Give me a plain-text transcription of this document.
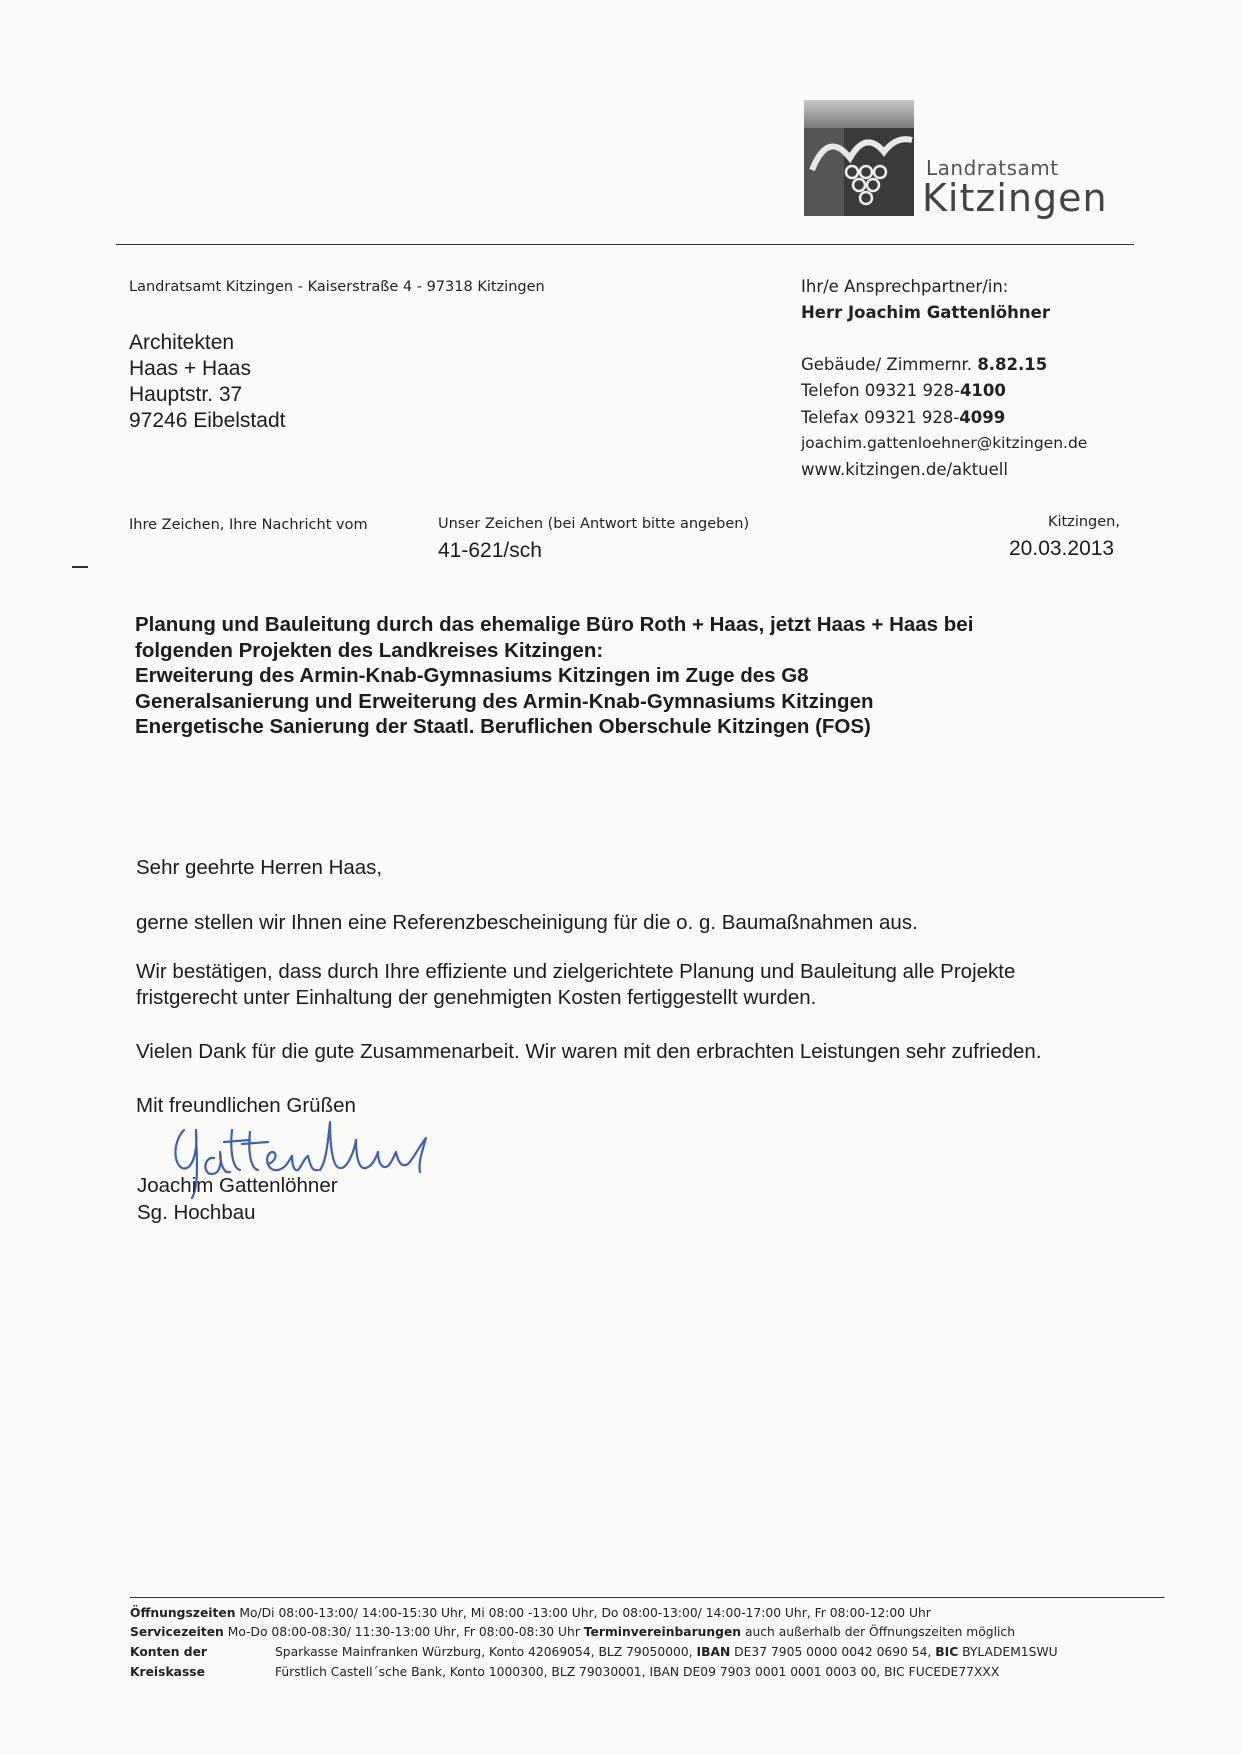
Landratsamt
Kitzingen
Landratsamt Kitzingen - Kaiserstraße 4 - 97318 Kitzingen
Architekten
Haas + Haas
Hauptstr. 37
97246 Eibelstadt
Ihr/e Ansprechpartner/in:
Herr Joachim Gattenlöhner
Gebäude/ Zimmernr. 8.82.15
Telefon 09321 928-4100
Telefax 09321 928-4099
joachim.gattenloehner@kitzingen.de
www.kitzingen.de/aktuell
Ihre Zeichen, Ihre Nachricht vom	Unser Zeichen (bei Antwort bitte angeben)
41-621/sch
Kitzingen,
20.03.2013
Planung und Bauleitung durch das ehemalige Büro Roth + Haas, jetzt Haas + Haas bei
folgenden Projekten des Landkreises Kitzingen:
Erweiterung des Armin-Knab-Gymnasiums Kitzingen im Zuge des G8
Generalsanierung und Erweiterung des Armin-Knab-Gymnasiums Kitzingen
Energetische Sanierung der Staatl. Beruflichen Oberschule Kitzingen (FOS)
Sehr geehrte Herren Haas,
gerne stellen wir Ihnen eine Referenzbescheinigung für die o. g. Baumaßnahmen aus.
Wir bestätigen, dass durch Ihre effiziente und zielgerichtete Planung und Bauleitung alle Projekte
fristgerecht unter Einhaltung der genehmigten Kosten fertiggestellt wurden.
Vielen Dank für die gute Zusammenarbeit. Wir waren mit den erbrachten Leistungen sehr zufrieden.
Mit freundlichen Grüßen
Joachim Gattenlöhner
Sg. Hochbau
Öffnungszeiten Mo/Di 08:00-13:00/ 14:00-15:30 Uhr, Mi 08:00 -13:00 Uhr, Do 08:00-13:00/ 14:00-17:00 Uhr, Fr 08:00-12:00 Uhr
Servicezeiten Mo-Do 08:00-08:30/ 11:30-13:00 Uhr, Fr 08:00-08:30 Uhr Terminvereinbarungen auch außerhalb der Öffnungszeiten möglich
Konten der
Kreiskasse
Sparkasse Mainfranken Würzburg, Konto 42069054, BLZ 79050000, IBAN DE37 7905 0000 0042 0690 54, BIC BYLADEM1SWU
Fürstlich Castell´sche Bank, Konto 1000300, BLZ 79030001, IBAN DE09 7903 0001 0001 0003 00, BIC FUCEDE77XXX
